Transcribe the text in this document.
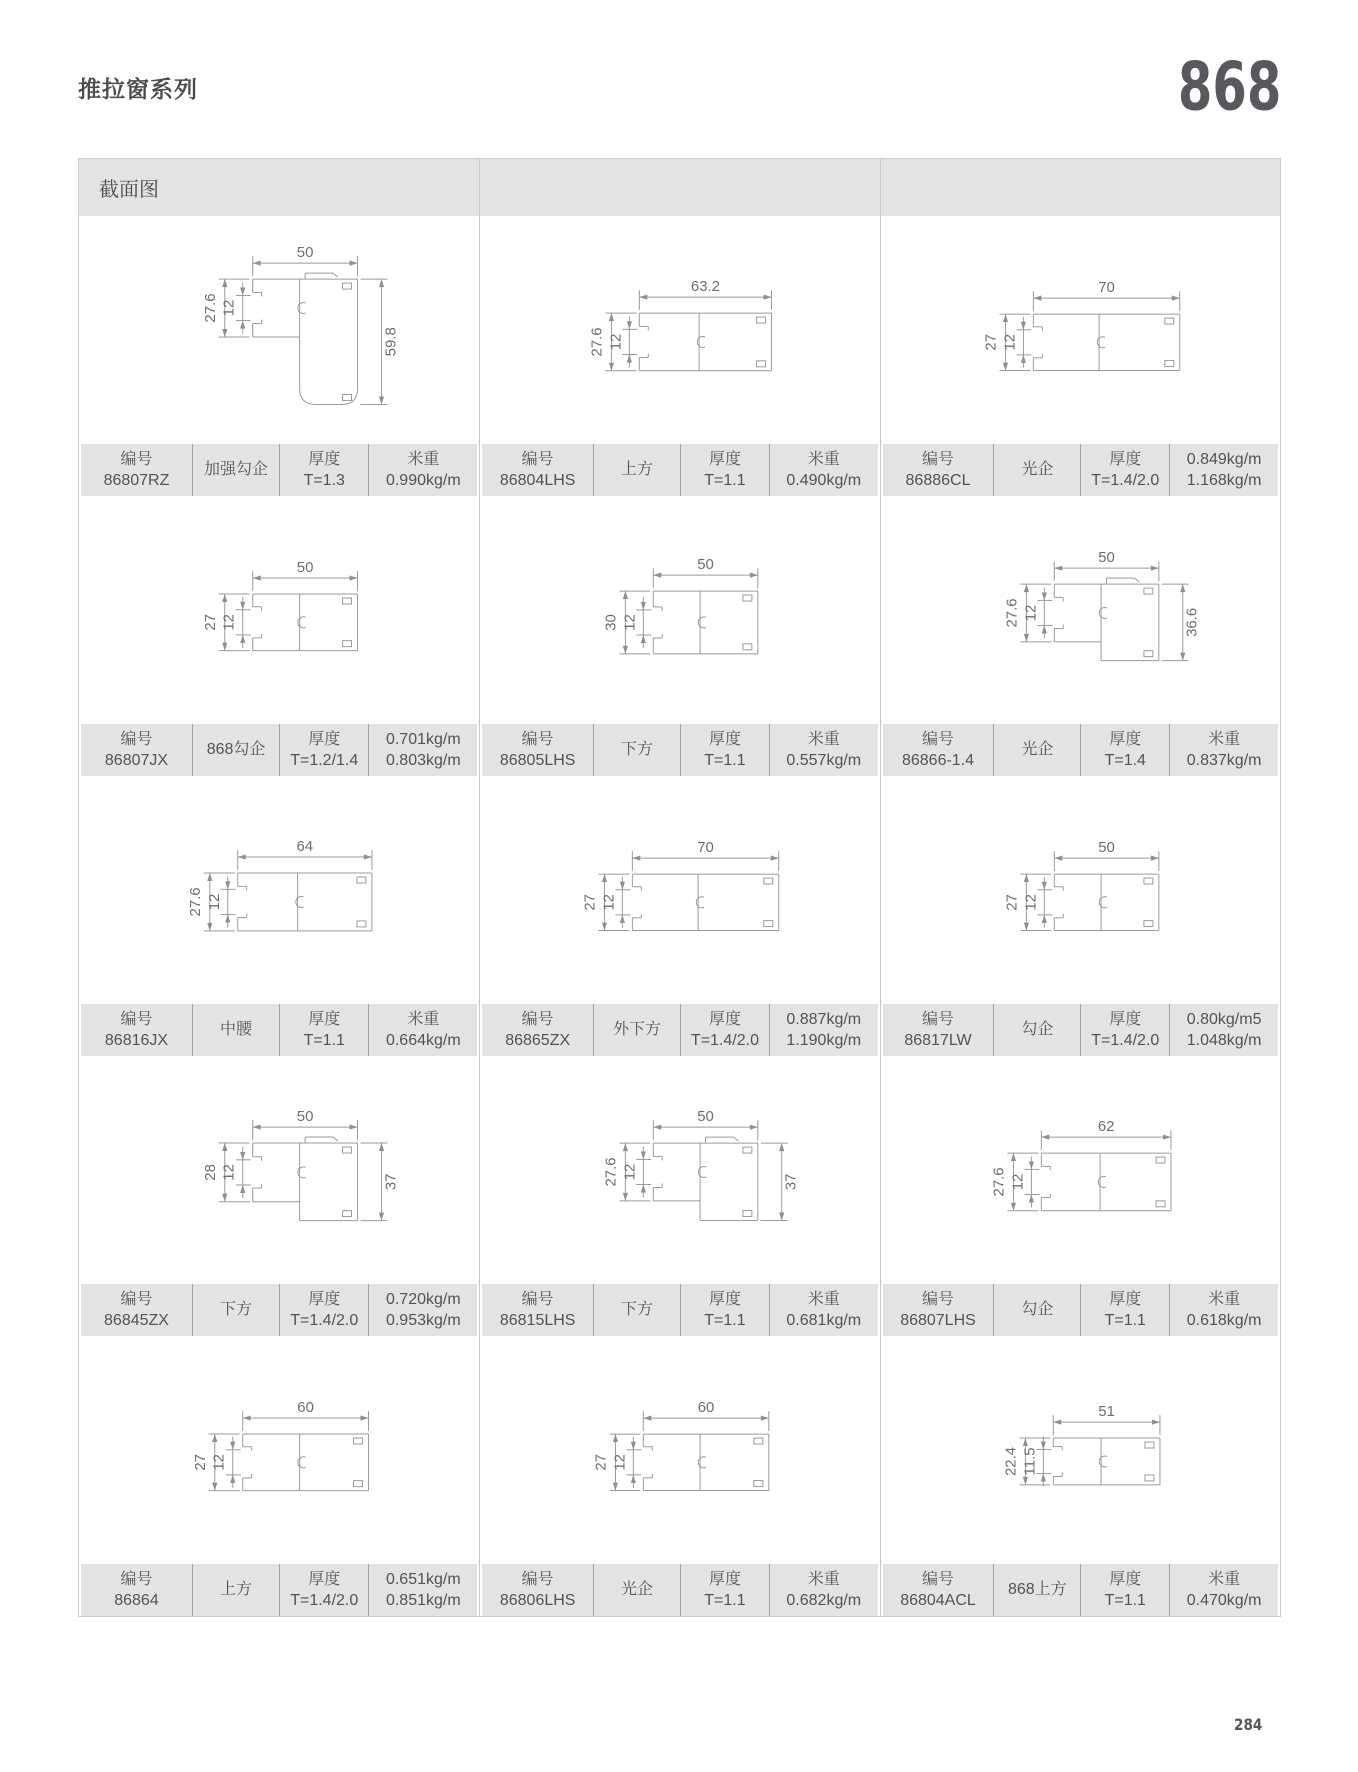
推拉窗系列	868
截面图
50
27.6 12
59.8
编号
86807RZ
加强勾企
厚度
T=1.3
米重
0.990kg/m
50
27 12
编号
86807JX
868勾企
厚度
T=1.2/1.4
0.701kg/m
0.803kg/m
64
27.6 12
编号
86816JX
中腰
厚度
T=1.1
米重
0.664kg/m
50
28 12
37
编号
86845ZX
下方
厚度
T=1.4/2.0
0.720kg/m
0.953kg/m
60
27 12
编号
86864
上方
厚度
T=1.4/2.0
0.651kg/m
0.851kg/m
63.2
27.6 12
编号
86804LHS
上方
厚度
T=1.1
米重
0.490kg/m
50
30 12
编号
86805LHS
下方
厚度
T=1.1
米重
0.557kg/m
70
27 12
编号
86865ZX
外下方
厚度
T=1.4/2.0
0.887kg/m
1.190kg/m
50
27.6 12
37
编号
86815LHS
下方
厚度
T=1.1
米重
0.681kg/m
60
27 12
编号
86806LHS
光企
厚度
T=1.1
米重
0.682kg/m
70
27 12
编号
86886CL
光企
厚度
T=1.4/2.0
0.849kg/m
1.168kg/m
50
27.6 12	36.6
编号
86866-1.4
光企
厚度
T=1.4
米重
0.837kg/m
50
27 12
编号
86817LW
勾企
厚度
T=1.4/2.0
0.80kg/m5
1.048kg/m
62
27.6 12
编号
86807LHS
勾企
厚度
T=1.1
米重
0.618kg/m
51
22.4 11.5
编号
86804ACL
868上方
厚度
T=1.1
米重
0.470kg/m
284
